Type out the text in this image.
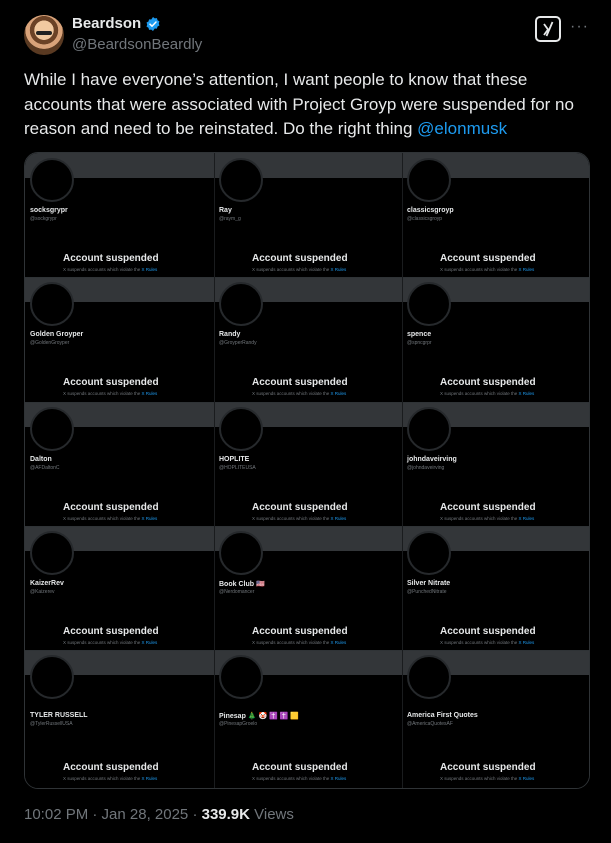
Beardson
@BeardsonBeardly
···
While I have everyone’s attention, I want people to know that these accounts that were associated with Project Groyp were suspended for no reason and need to be reinstated. Do the right thing @elonmusk
socksgrypr
@sockgrypr
Account suspended
X suspends accounts which violate the X Rules
Ray
@raym_g
Account suspended
X suspends accounts which violate the X Rules
classicsgroyp
@classicsgroyp
Account suspended
X suspends accounts which violate the X Rules
Golden Groyper
@GoldenGroyper
Account suspended
X suspends accounts which violate the X Rules
Randy
@GroyperRandy
Account suspended
X suspends accounts which violate the X Rules
spence
@spncgrpr
Account suspended
X suspends accounts which violate the X Rules
Dalton
@AFDaltonC
Account suspended
X suspends accounts which violate the X Rules
HOPLITE
@HOPLITEUSA
Account suspended
X suspends accounts which violate the X Rules
johndaveirving
@johndaveirving
Account suspended
X suspends accounts which violate the X Rules
KaizerRev
@Kaizerev
Account suspended
X suspends accounts which violate the X Rules
Book Club 🇺🇸
@Nerdomancer
Account suspended
X suspends accounts which violate the X Rules
Silver Nitrate
@PunchedNitrate
Account suspended
X suspends accounts which violate the X Rules
TYLER RUSSELL
@TylerRussellUSA
Account suspended
X suspends accounts which violate the X Rules
Pinesap 🎄 🤡 ✝️ ✝️ 🟨
@PinesapGroelo
Account suspended
X suspends accounts which violate the X Rules
America First Quotes
@AmericaQuotesAF
Account suspended
X suspends accounts which violate the X Rules
10:02 PM · Jan 28, 2025 · 339.9K Views
